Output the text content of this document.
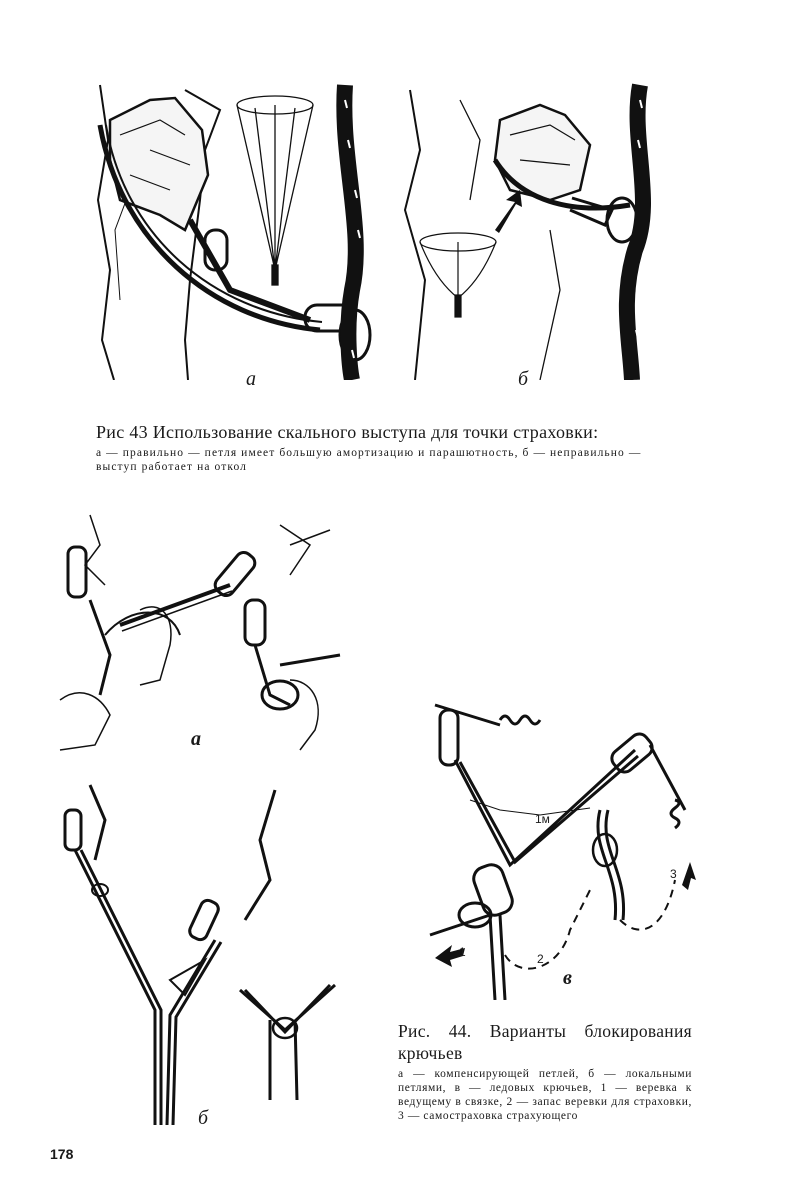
а	б
Рис 43 Использование скального выступа для точки страховки:
а — правильно — петля имеет большую амортизацию и парашютность, б — неправильно — выступ работает на откол
а
б
1м
1	2
3
в
Рис. 44. Варианты блокирования
крючьев
а — компенсирующей петлей, б — локальными петлями, в — ледовых крючьев, 1 — веревка к ведущему в связке, 2 — запас веревки для страховки, 3 — самостраховка страхующего
178
